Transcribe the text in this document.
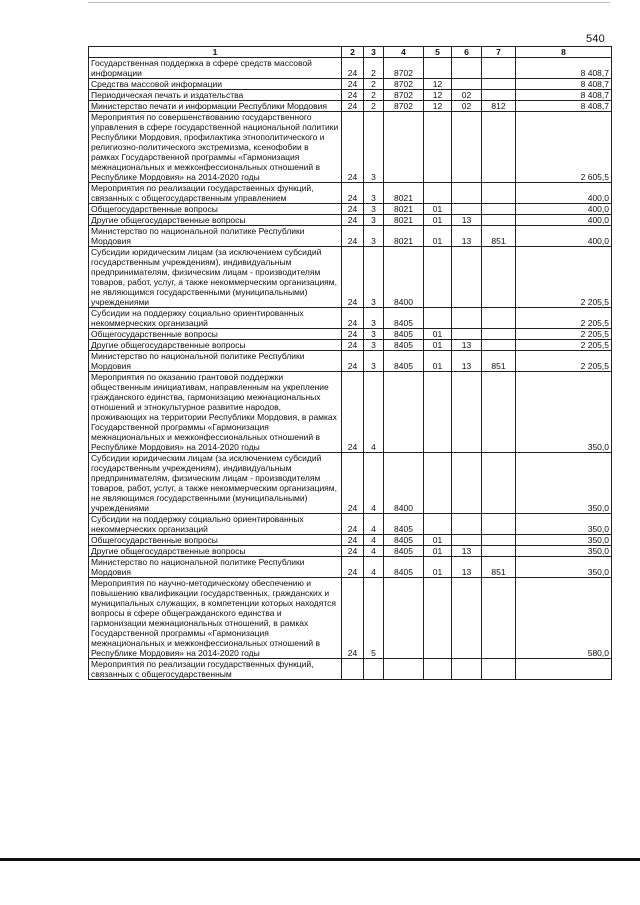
540
1	2	3	4	5	6	7	8
Государственная поддержка в сфере средств массовой информации	24	2	8702				8 408,7
Средства массовой информации	24	2	8702	12			8 408,7
Периодическая печать и издательства	24	2	8702	12	02		8 408,7
Министерство печати и информации Республики Мордовия	24	2	8702	12	02	812	8 408,7
Мероприятия по совершенствованию государственного управления в сфере государственной национальной политики Республики Мордовия, профилактика этнополитического и религиозно-политического экстремизма, ксенофобии в рамках Государственной программы «Гармонизация межнациональных и межконфессиональных отношений в Республике Мордовия» на 2014-2020 годы	24	3					2 605,5
Мероприятия по реализации государственных функций, связанных с общегосударственным управлением	24	3	8021				400,0
Общегосударственные вопросы	24	3	8021	01			400,0
Другие общегосударственные вопросы	24	3	8021	01	13		400,0
Министерство по национальной политике Республики Мордовия	24	3	8021	01	13	851	400,0
Субсидии юридическим лицам (за исключением субсидий государственным учреждениям), индивидуальным предпринимателям, физическим лицам - производителям товаров, работ, услуг, а также некоммерческим организациям, не являющимся государственными (муниципальными) учреждениями	24	3	8400				2 205,5
Субсидии на поддержку социально ориентированных некоммерческих организаций	24	3	8405				2 205,5
Общегосударственные вопросы	24	3	8405	01			2 205,5
Другие общегосударственные вопросы	24	3	8405	01	13		2 205,5
Министерство по национальной политике Республики Мордовия	24	3	8405	01	13	851	2 205,5
Мероприятия по оказанию грантовой поддержки общественным инициативам, направленным на укрепление гражданского единства, гармонизацию межнациональных отношений и этнокультурное развитие народов, проживающих на территории Республики Мордовия, в рамках Государственной программы «Гармонизация межнациональных и межконфессиональных отношений в Республике Мордовия» на 2014-2020 годы	24	4					350,0
Субсидии юридическим лицам (за исключением субсидий государственным учреждениям), индивидуальным предпринимателям, физическим лицам - производителям товаров, работ, услуг, а также некоммерческим организациям, не являющимся государственными (муниципальными) учреждениями	24	4	8400				350,0
Субсидии на поддержку социально ориентированных некоммерческих организаций	24	4	8405				350,0
Общегосударственные вопросы	24	4	8405	01			350,0
Другие общегосударственные вопросы	24	4	8405	01	13		350,0
Министерство по национальной политике Республики Мордовия	24	4	8405	01	13	851	350,0
Мероприятия по научно-методическому обеспечению и повышению квалификации государственных, гражданских и муниципальных служащих, в компетенции которых находятся вопросы в сфере общегражданского единства и гармонизации межнациональных отношений, в рамках Государственной программы «Гармонизация межнациональных и межконфессиональных отношений в Республике Мордовия» на 2014-2020 годы	24	5					580,0
Мероприятия по реализации государственных функций, связанных с общегосударственным							
